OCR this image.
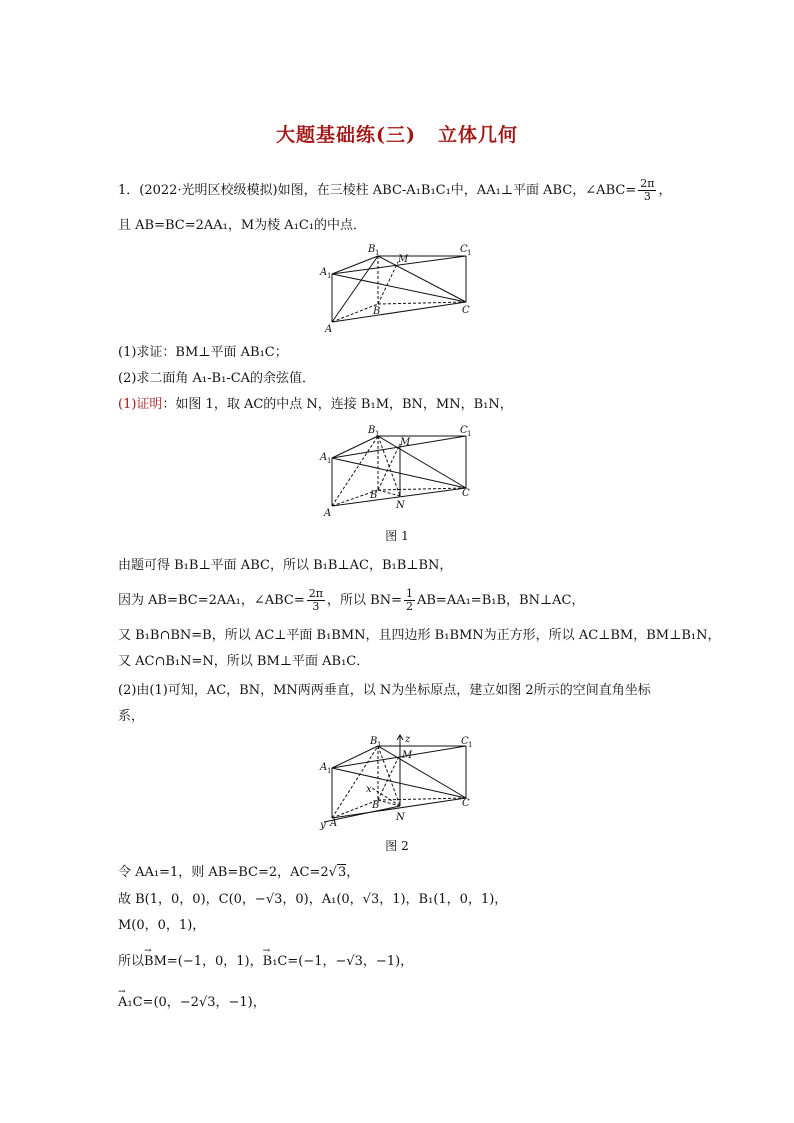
大题基础练(三) 立体几何
1．(2022·光明区校级模拟)如图，在三棱柱 ABC-A₁B₁C₁中，AA₁⊥平面 ABC，∠ABC= $\frac{2\pi}{3}$ ，
且 AB=BC=2AA₁，M为棱 A₁C₁的中点．
B 1
M
C 1
A 1
B	C
A
(1)求证：BM⊥平面 AB₁C；
(2)求二面角 A₁-B₁-CA的余弦值．
(1)证明：如图 1，取 AC的中点 N，连接 B₁M，BN，MN，B₁N，
B 1
M
C 1
A 1
B
N
C
A
图 1
由题可得 B₁B⊥平面 ABC，所以 B₁B⊥AC，B₁B⊥BN，
因为 AB=BC=2AA₁，∠ABC= $\frac{2\pi}{3}$ ，所以 $BN= \frac{1}{2} AB=AA_1=B_1B$，BN⊥AC，
又 B₁B∩BN=B，所以 AC⊥平面 B₁BMN，且四边形 B₁BMN为正方形，所以 AC⊥BM，BM⊥B₁N，
又 AC∩B₁N=N，所以 BM⊥平面 AB₁C．
(2)由(1)可知，AC，BN，MN两两垂直，以 N为坐标原点，建立如图 2所示的空间直角坐标
系，
B 1 z
M
C 1
A 1
x
B
N
C
y A
图 2
令 AA₁=1，则 AB=BC=2，AC=2√3，
故 B(1，0，0)，C(0，−√3，0)，A₁(0，√3，1)，B₁(1，0，1)，
M(0，0，1)，
所以→ BM=(−1，0，1)，→ B₁C=(−1，−√3，−1)，
→ A₁C=(0，−2√3，−1)，
